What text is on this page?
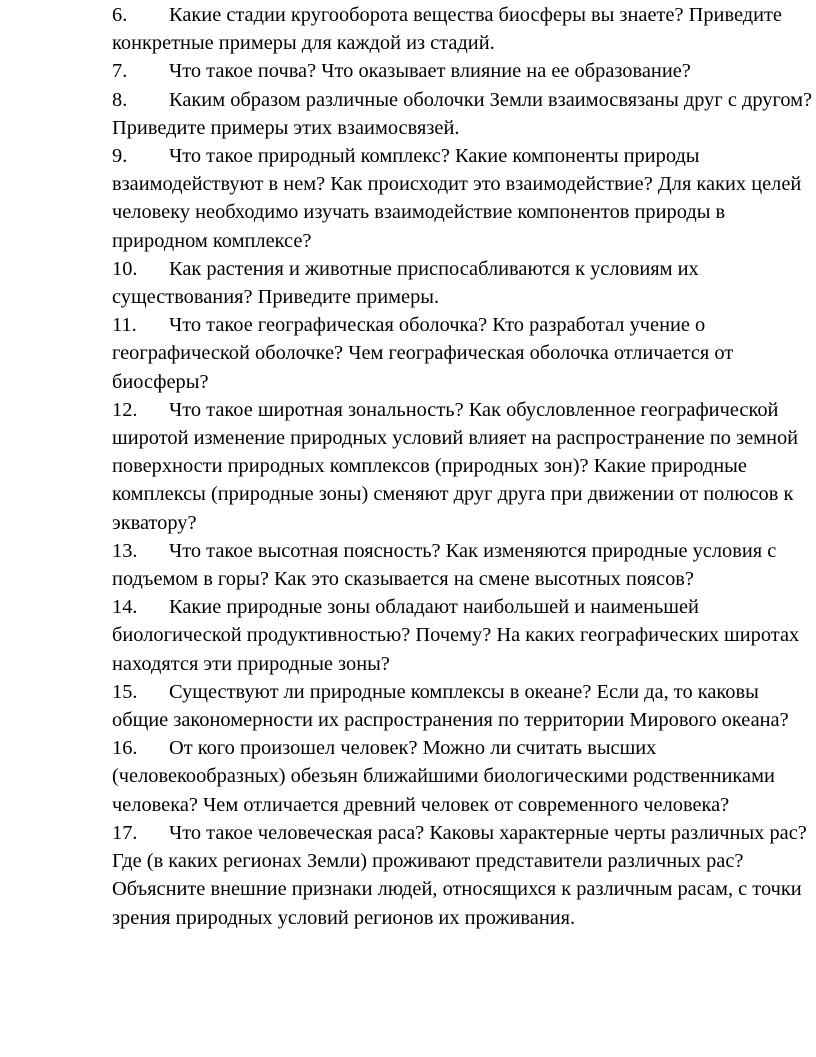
6. Какие стадии кругооборота вещества биосферы вы знаете? Приведите конкретные примеры для каждой из стадий.
7. Что такое почва? Что оказывает влияние на ее образование?
8. Каким образом различные оболочки Земли взаимосвязаны друг с другом? Приведите примеры этих взаимосвязей.
9. Что такое природный комплекс? Какие компоненты природы взаимодействуют в нем? Как происходит это взаимодействие? Для каких целей человеку необходимо изучать взаимодействие компонентов природы в природном комплексе?
10. Как растения и животные приспосабливаются к условиям их существования? Приведите примеры.
11. Что такое географическая оболочка? Кто разработал учение о географической оболочке? Чем географическая оболочка отличается от биосферы?
12. Что такое широтная зональность? Как обусловленное географической широтой изменение природных условий влияет на распространение по земной поверхности природных комплексов (природных зон)? Какие природные комплексы (природные зоны) сменяют друг друга при движении от полюсов к экватору?
13. Что такое высотная поясность? Как изменяются природные условия с подъемом в горы? Как это сказывается на смене высотных поясов?
14. Какие природные зоны обладают наибольшей и наименьшей биологической продуктивностью? Почему? На каких географических широтах находятся эти природные зоны?
15. Существуют ли природные комплексы в океане? Если да, то каковы общие закономерности их распространения по территории Мирового океана?
16. От кого произошел человек? Можно ли считать высших (человекообразных) обезьян ближайшими биологическими родственниками человека? Чем отличается древний человек от современного человека?
17. Что такое человеческая раса? Каковы характерные черты различных рас? Где (в каких регионах Земли) проживают представители различных рас? Объясните внешние признаки людей, относящихся к различным расам, с точки зрения природных условий регионов их проживания.
